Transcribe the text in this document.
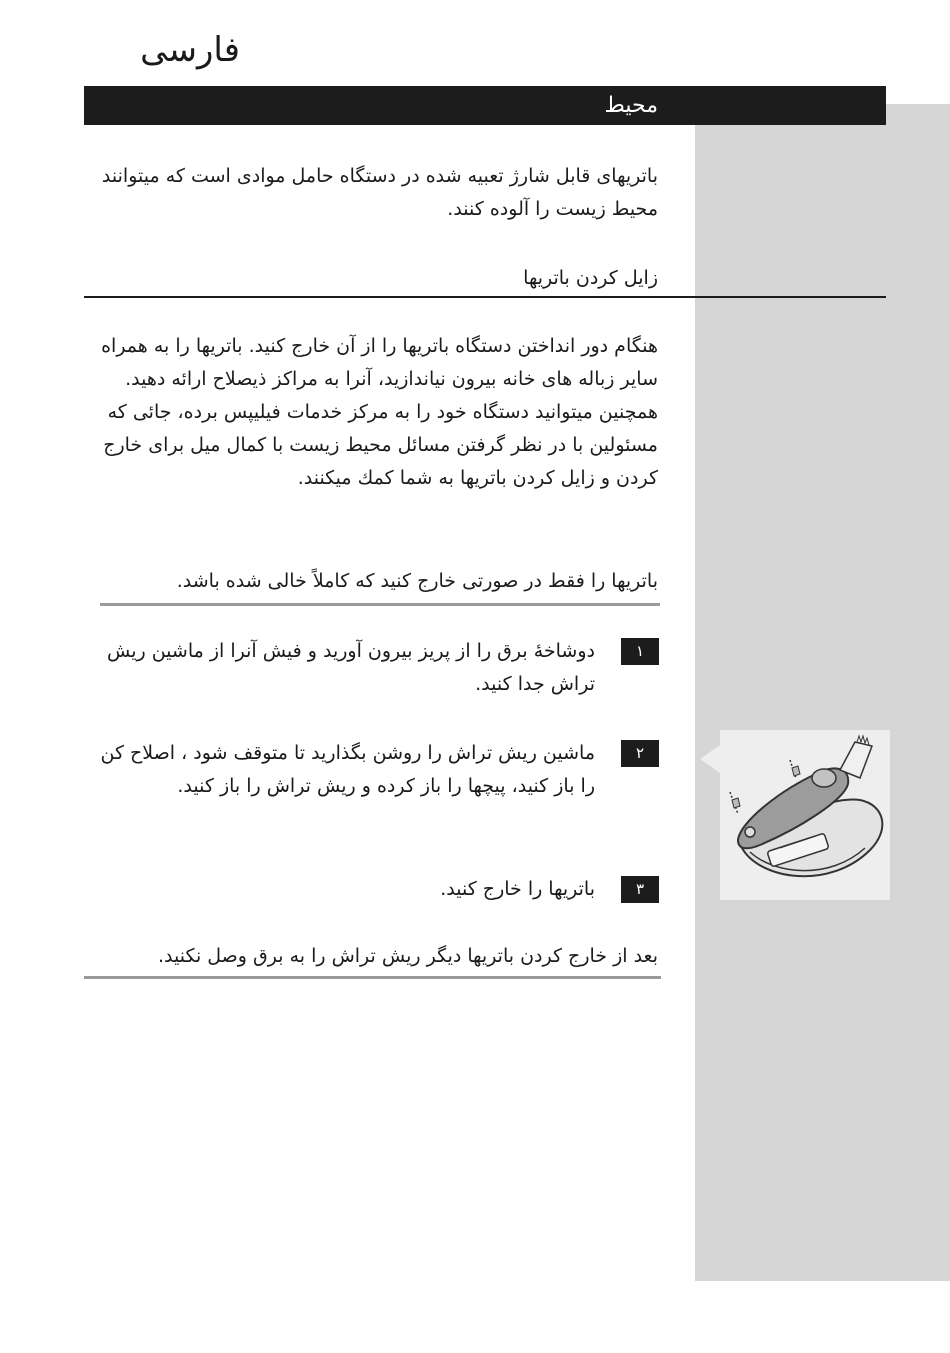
فارسی
محیط
باتریهای قابل شارژ تعبیه شده در دستگاه حامل موادی است که میتوانند محیط زیست را آلوده کنند.
زایل کردن باتریها
هنگام دور انداختن دستگاه باتریها را از آن خارج کنید. باتریها را به همراه سایر زباله های خانه بیرون نیاندازید، آنرا به مراکز ذیصلاح ارائه دهید. همچنین میتوانید دستگاه خود را به مرکز خدمات فیلیپس برده، جائی که مسئولین با در نظر گرفتن مسائل محیط زیست با کمال میل برای خارج کردن و زایل کردن باتریها به شما کمك میکنند.
باتریها را فقط در صورتی خارج کنید که کاملاً خالی شده باشد.
۱
دوشاخۀ برق را از پریز بیرون آورید و فیش آنرا از ماشین ریش تراش جدا کنید.
۲
ماشین ریش تراش را روشن بگذارید تا متوقف شود ، اصلاح کن را باز کنید، پیچها را باز کرده و ریش تراش را باز کنید.
۳
باتریها را خارج کنید.
بعد از خارج کردن باتریها دیگر ریش تراش را به برق وصل نکنید.
